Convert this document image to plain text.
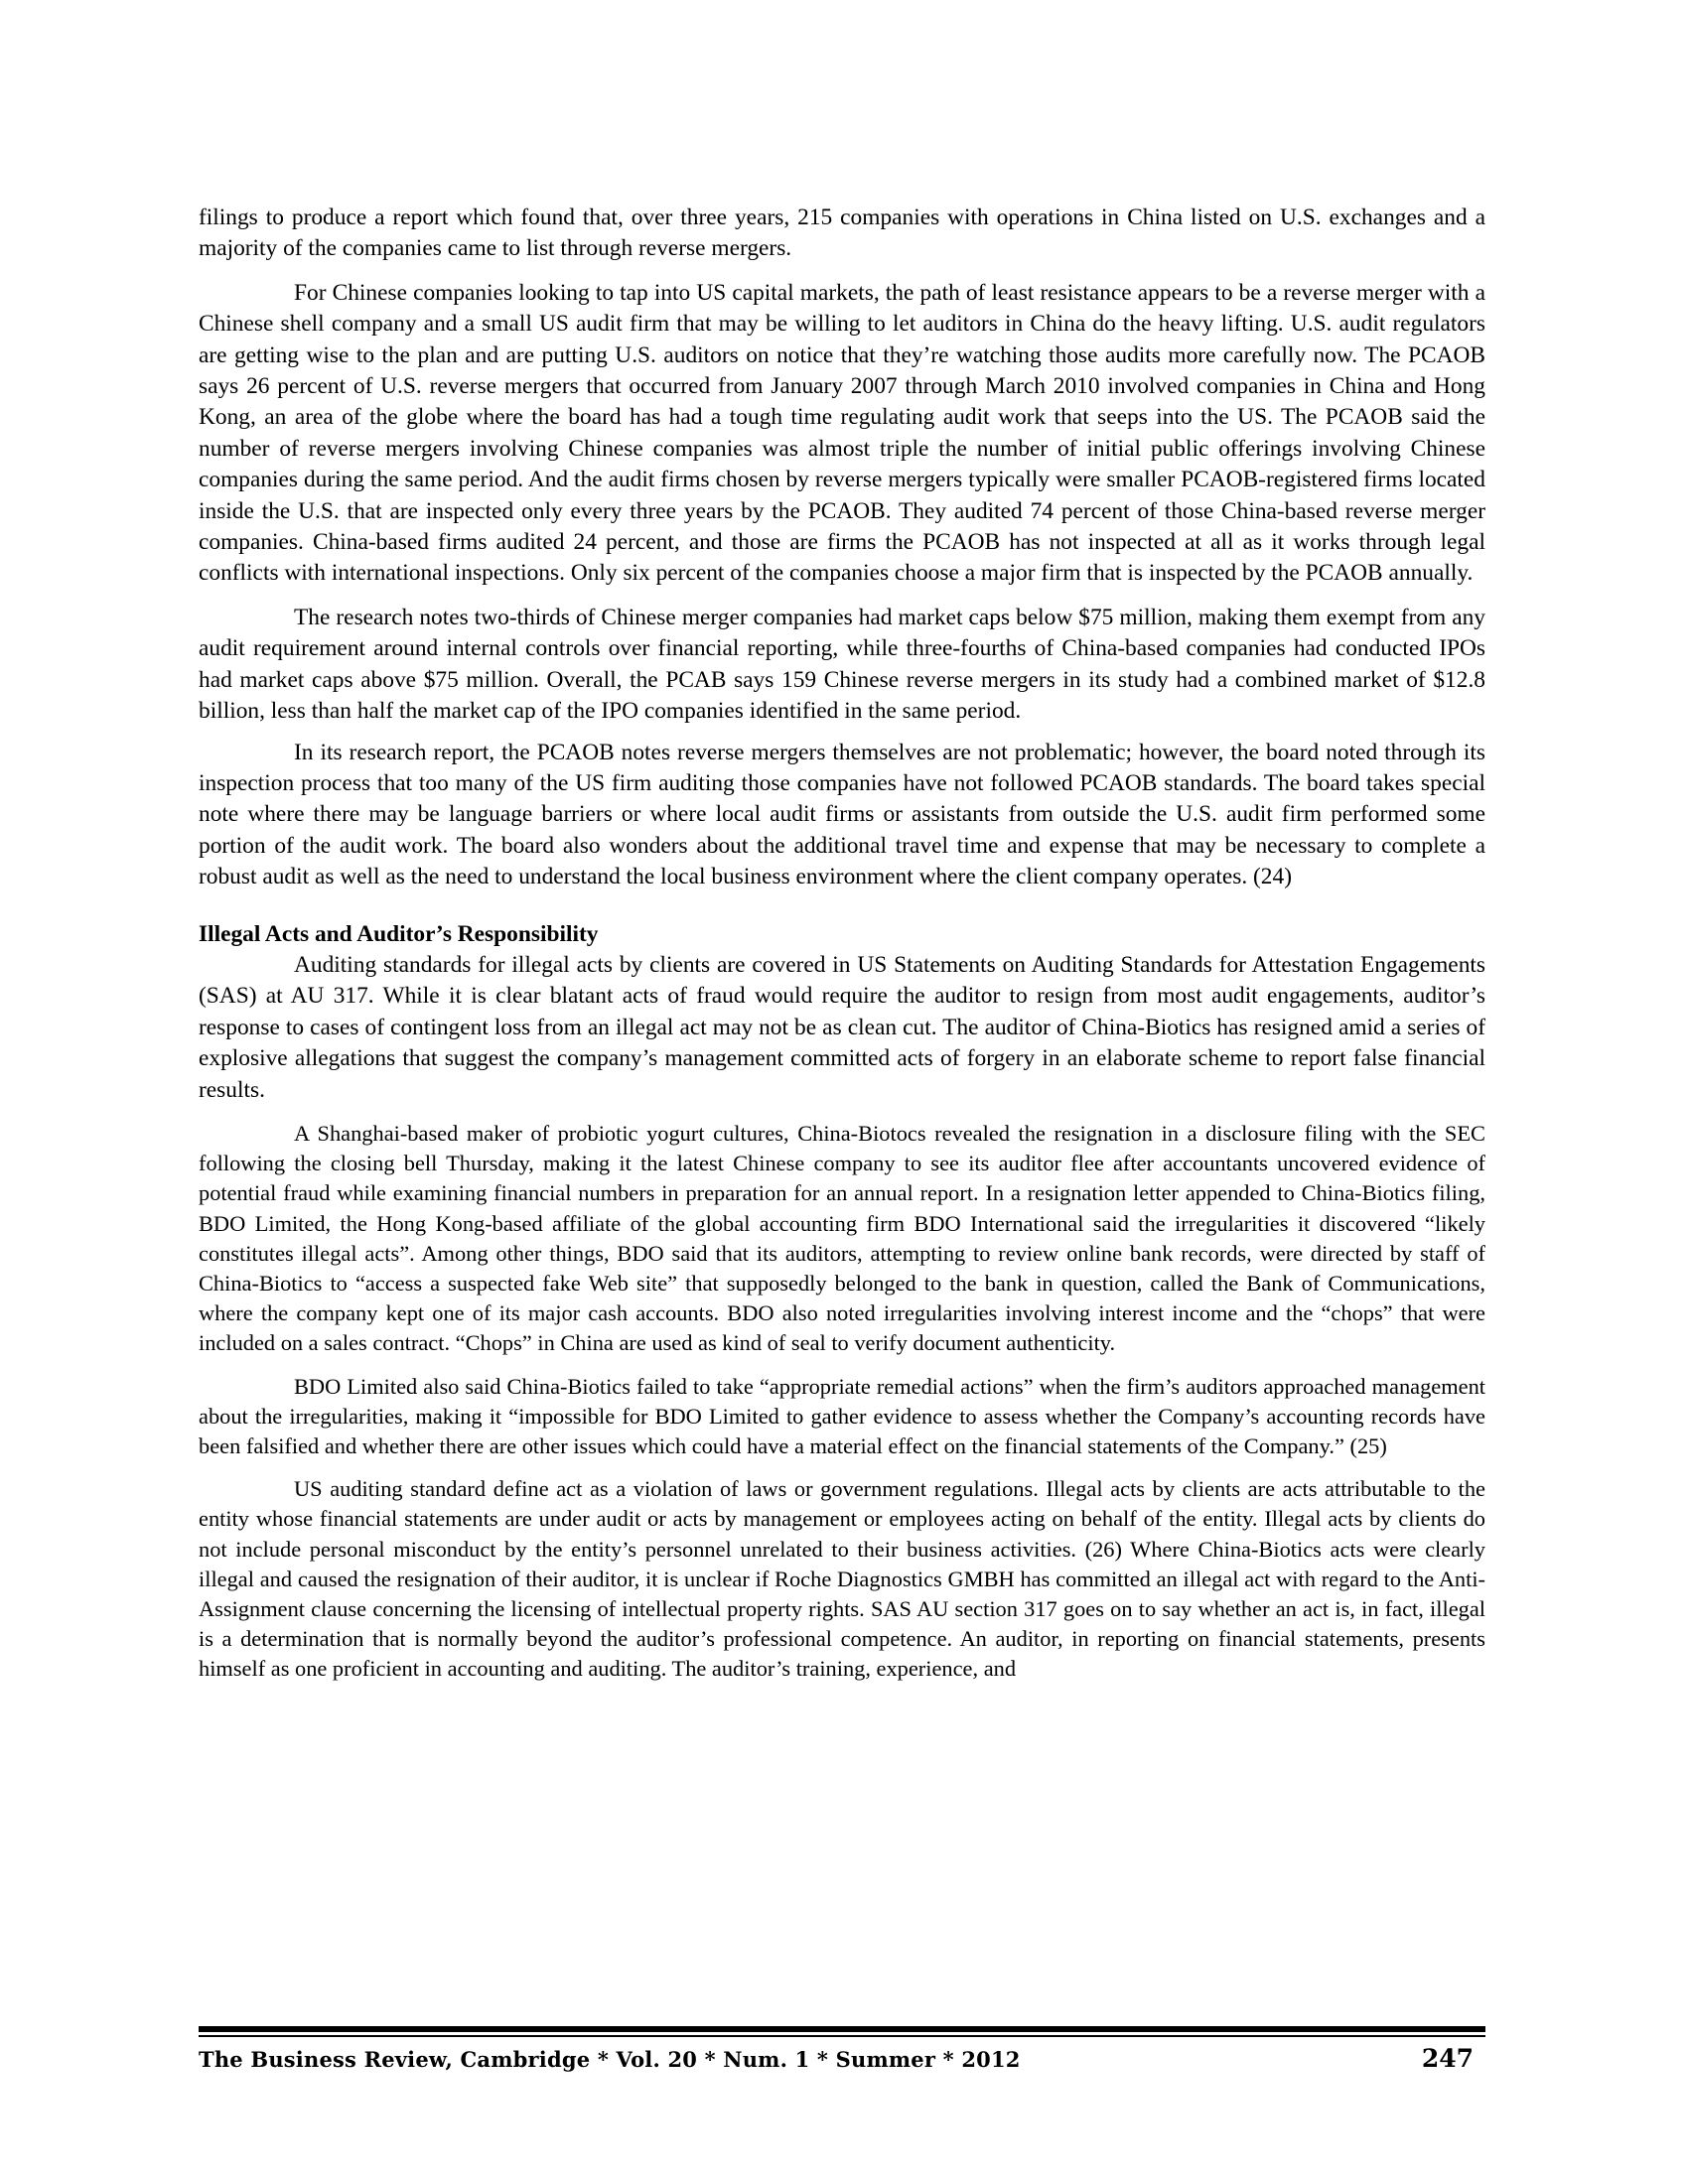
filings to produce a report which found that, over three years, 215 companies with operations in China listed on U.S. exchanges and a majority of the companies came to list through reverse mergers.

For Chinese companies looking to tap into US capital markets, the path of least resistance appears to be a reverse merger with a Chinese shell company and a small US audit firm that may be willing to let auditors in China do the heavy lifting. U.S. audit regulators are getting wise to the plan and are putting U.S. auditors on notice that they’re watching those audits more carefully now. The PCAOB says 26 percent of U.S. reverse mergers that occurred from January 2007 through March 2010 involved companies in China and Hong Kong, an area of the globe where the board has had a tough time regulating audit work that seeps into the US. The PCAOB said the number of reverse mergers involving Chinese companies was almost triple the number of initial public offerings involving Chinese companies during the same period. And the audit firms chosen by reverse mergers typically were smaller PCAOB-registered firms located inside the U.S. that are inspected only every three years by the PCAOB. They audited 74 percent of those China-based reverse merger companies. China-based firms audited 24 percent, and those are firms the PCAOB has not inspected at all as it works through legal conflicts with international inspections. Only six percent of the companies choose a major firm that is inspected by the PCAOB annually.

The research notes two-thirds of Chinese merger companies had market caps below $75 million, making them exempt from any audit requirement around internal controls over financial reporting, while three-fourths of China-based companies had conducted IPOs had market caps above $75 million. Overall, the PCAB says 159 Chinese reverse mergers in its study had a combined market of $12.8 billion, less than half the market cap of the IPO companies identified in the same period.

In its research report, the PCAOB notes reverse mergers themselves are not problematic; however, the board noted through its inspection process that too many of the US firm auditing those companies have not followed PCAOB standards. The board takes special note where there may be language barriers or where local audit firms or assistants from outside the U.S. audit firm performed some portion of the audit work. The board also wonders about the additional travel time and expense that may be necessary to complete a robust audit as well as the need to understand the local business environment where the client company operates. (24)

Illegal Acts and Auditor’s Responsibility

Auditing standards for illegal acts by clients are covered in US Statements on Auditing Standards for Attestation Engagements (SAS) at AU 317. While it is clear blatant acts of fraud would require the auditor to resign from most audit engagements, auditor’s response to cases of contingent loss from an illegal act may not be as clean cut. The auditor of China-Biotics has resigned amid a series of explosive allegations that suggest the company’s management committed acts of forgery in an elaborate scheme to report false financial results.

A Shanghai-based maker of probiotic yogurt cultures, China-Biotocs revealed the resignation in a disclosure filing with the SEC following the closing bell Thursday, making it the latest Chinese company to see its auditor flee after accountants uncovered evidence of potential fraud while examining financial numbers in preparation for an annual report. In a resignation letter appended to China-Biotics filing, BDO Limited, the Hong Kong-based affiliate of the global accounting firm BDO International said the irregularities it discovered “likely constitutes illegal acts”. Among other things, BDO said that its auditors, attempting to review online bank records, were directed by staff of China-Biotics to “access a suspected fake Web site” that supposedly belonged to the bank in question, called the Bank of Communications, where the company kept one of its major cash accounts. BDO also noted irregularities involving interest income and the “chops” that were included on a sales contract. “Chops” in China are used as kind of seal to verify document authenticity.

BDO Limited also said China-Biotics failed to take “appropriate remedial actions” when the firm’s auditors approached management about the irregularities, making it “impossible for BDO Limited to gather evidence to assess whether the Company’s accounting records have been falsified and whether there are other issues which could have a material effect on the financial statements of the Company.” (25)

US auditing standard define act as a violation of laws or government regulations. Illegal acts by clients are acts attributable to the entity whose financial statements are under audit or acts by management or employees acting on behalf of the entity. Illegal acts by clients do not include personal misconduct by the entity’s personnel unrelated to their business activities. (26) Where China-Biotics acts were clearly illegal and caused the resignation of their auditor, it is unclear if Roche Diagnostics GMBH has committed an illegal act with regard to the Anti-Assignment clause concerning the licensing of intellectual property rights. SAS AU section 317 goes on to say whether an act is, in fact, illegal is a determination that is normally beyond the auditor’s professional competence. An auditor, in reporting on financial statements, presents himself as one proficient in accounting and auditing. The auditor’s training, experience, and

The Business Review, Cambridge * Vol. 20 * Num. 1 * Summer * 2012	247
